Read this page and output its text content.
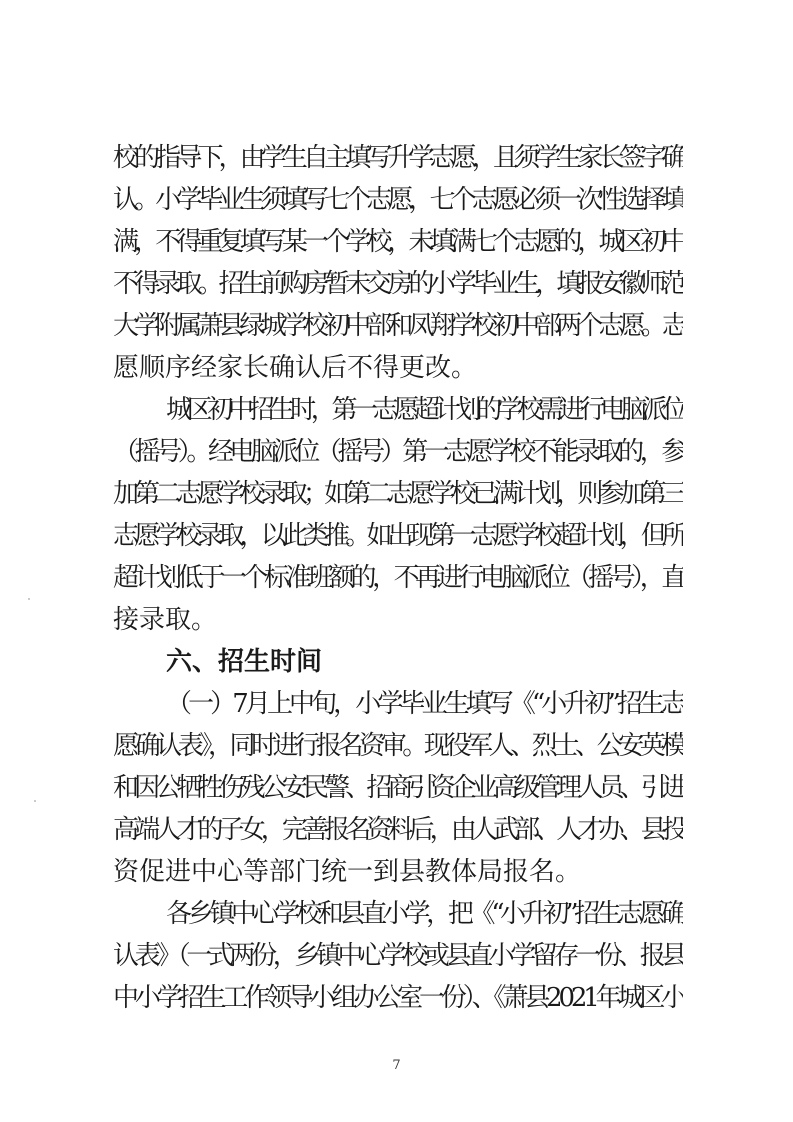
校的指导下，由学生自主填写升学志愿，且须学生家长签字确
认。小学毕业生须填写七个志愿，七个志愿必须一次性选择填
满，不得重复填写某一个学校，未填满七个志愿的，城区初中
不得录取。招生前购房暂未交房的小学毕业生，填报安徽师范
大学附属萧县绿城学校初中部和凤翔学校初中部两个志愿。志
愿顺序经家长确认后不得更改。
城区初中招生时，第一志愿超计划的学校需进行电脑派位
（摇号）。经电脑派位（摇号）第一志愿学校不能录取的，参
加第二志愿学校录取；如第二志愿学校已满计划，则参加第三
志愿学校录取，以此类推。如出现第一志愿学校超计划，但所
超计划低于一个标准班额的，不再进行电脑派位（摇号），直
接录取。
六、招生时间
（一）7月上中旬，小学毕业生填写《“小升初”招生志
愿确认表》，同时进行报名资审。现役军人、烈士、公安英模
和因公牺牲伤残公安民警、招商引资企业高级管理人员、引进
高端人才的子女，完善报名资料后，由人武部、人才办、县投
资促进中心等部门统一到县教体局报名。
各乡镇中心学校和县直小学，把《“小升初”招生志愿确
认表》（一式两份，乡镇中心学校或县直小学留存一份、报县
中小学招生工作领导小组办公室一份）、《萧县2021年城区小
7
